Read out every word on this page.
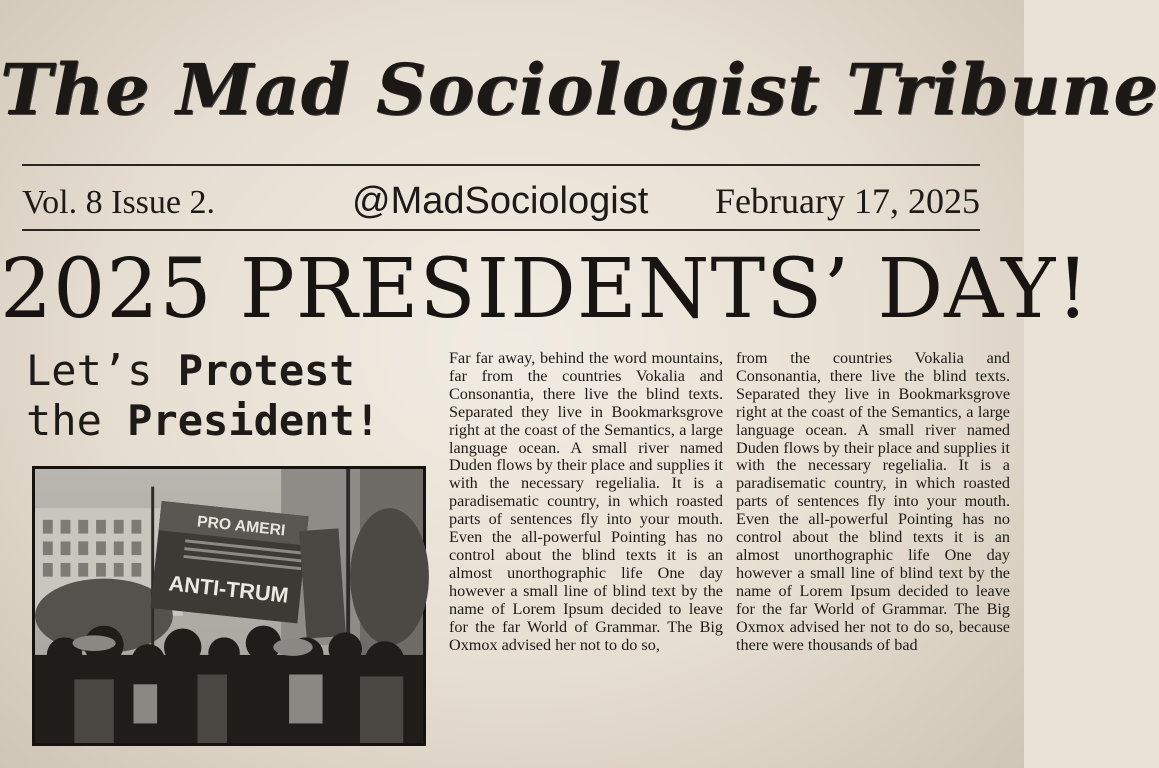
The Mad Sociologist Tribune
Vol. 8 Issue 2.	@MadSociologist February 17, 2025
2025 PRESIDENTS’ DAY!
Let’s Protest
the President!
PRO AMERI
ANTI-TRUM
Far far away, behind the word mountains, far from the countries Vokalia and Consonantia, there live the blind texts. Separated they live in Bookmarksgrove right at the coast of the Semantics, a large language ocean. A small river named Duden flows by their place and supplies it with the necessary regelialia. It is a paradisematic country, in which roasted parts of sentences fly into your mouth. Even the all-powerful Pointing has no control about the blind texts it is an almost unorthographic life One day however a small line of blind text by the name of Lorem Ipsum decided to leave for the far World of Grammar. The Big Oxmox advised her not to do so,
from the countries Vokalia and Consonantia, there live the blind texts. Separated they live in Bookmarksgrove right at the coast of the Semantics, a large language ocean. A small river named Duden flows by their place and supplies it with the necessary regelialia. It is a paradisematic country, in which roasted parts of sentences fly into your mouth. Even the all-powerful Pointing has no control about the blind texts it is an almost unorthographic life One day however a small line of blind text by the name of Lorem Ipsum decided to leave for the far World of Grammar. The Big Oxmox advised her not to do so, because there were thousands of bad
